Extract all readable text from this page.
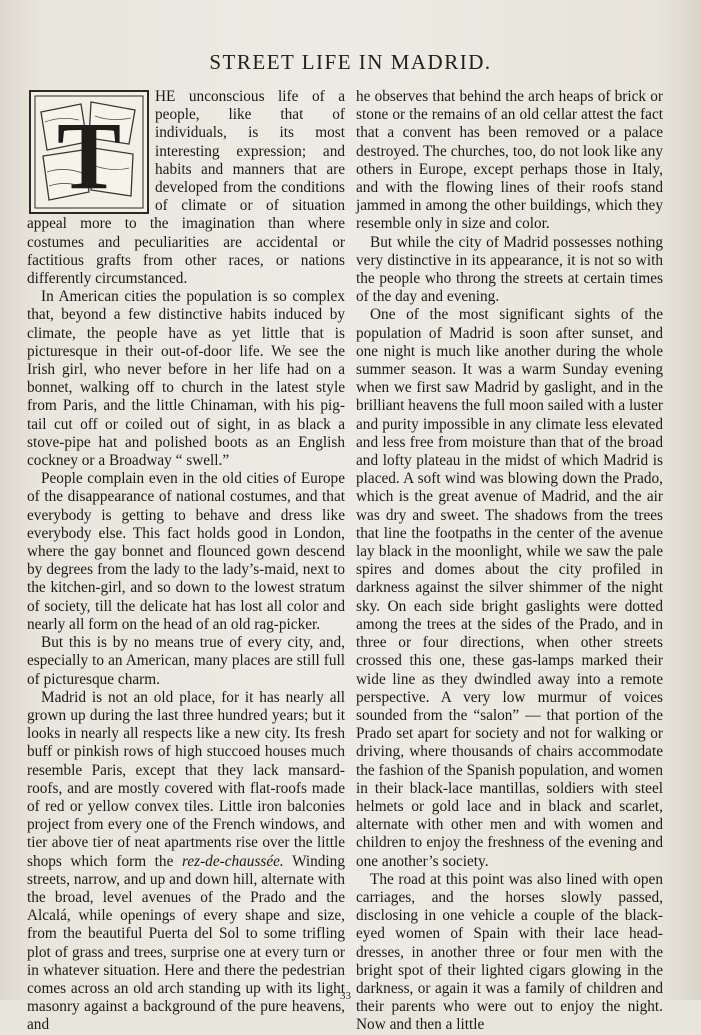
STREET LIFE IN MADRID.

T
HE unconscious life of a people, like that of individuals, is its most interesting expression; and habits and manners that are developed from the conditions of climate or of situation appeal more to the imagination than where costumes and peculiarities are accidental or factitious grafts from other races, or nations differently circumstanced.

In American cities the population is so complex that, beyond a few distinctive habits induced by climate, the people have as yet little that is picturesque in their out-of-door life. We see the Irish girl, who never before in her life had on a bonnet, walking off to church in the latest style from Paris, and the little Chinaman, with his pig-tail cut off or coiled out of sight, in as black a stove-pipe hat and polished boots as an English cockney or a Broadway “ swell.”

People complain even in the old cities of Europe of the disappearance of national costumes, and that everybody is getting to behave and dress like everybody else. This fact holds good in London, where the gay bonnet and flounced gown descend by degrees from the lady to the lady’s-maid, next to the kitchen-girl, and so down to the lowest stratum of society, till the delicate hat has lost all color and nearly all form on the head of an old rag-picker.

But this is by no means true of every city, and, especially to an American, many places are still full of picturesque charm.

Madrid is not an old place, for it has nearly all grown up during the last three hundred years; but it looks in nearly all respects like a new city. Its fresh buff or pinkish rows of high stuccoed houses much resemble Paris, except that they lack mansard-roofs, and are mostly covered with flat-roofs made of red or yellow convex tiles. Little iron balconies project from every one of the French windows, and tier above tier of neat apartments rise over the little shops which form the rez-de-chaussée. Winding streets, narrow, and up and down hill, alternate with the broad, level avenues of the Prado and the Alcalá, while openings of every shape and size, from the beautiful Puerta del Sol to some trifling plot of grass and trees, surprise one at every turn or in whatever situation. Here and there the pedestrian comes across an old arch standing up with its light masonry against a background of the pure heavens, and

he observes that behind the arch heaps of brick or stone or the remains of an old cellar attest the fact that a convent has been removed or a palace destroyed. The churches, too, do not look like any others in Europe, except perhaps those in Italy, and with the flowing lines of their roofs stand jammed in among the other buildings, which they resemble only in size and color.

But while the city of Madrid possesses nothing very distinctive in its appearance, it is not so with the people who throng the streets at certain times of the day and evening.

One of the most significant sights of the population of Madrid is soon after sunset, and one night is much like another during the whole summer season. It was a warm Sunday evening when we first saw Madrid by gaslight, and in the brilliant heavens the full moon sailed with a luster and purity impossible in any climate less elevated and less free from moisture than that of the broad and lofty plateau in the midst of which Madrid is placed. A soft wind was blowing down the Prado, which is the great avenue of Madrid, and the air was dry and sweet. The shadows from the trees that line the footpaths in the center of the avenue lay black in the moonlight, while we saw the pale spires and domes about the city profiled in darkness against the silver shimmer of the night sky. On each side bright gaslights were dotted among the trees at the sides of the Prado, and in three or four directions, when other streets crossed this one, these gas-lamps marked their wide line as they dwindled away into a remote perspective. A very low murmur of voices sounded from the “salon” — that portion of the Prado set apart for society and not for walking or driving, where thousands of chairs accommodate the fashion of the Spanish population, and women in their black-lace mantillas, soldiers with steel helmets or gold lace and in black and scarlet, alternate with other men and with women and children to enjoy the freshness of the evening and one another’s society.

The road at this point was also lined with open carriages, and the horses slowly passed, disclosing in one vehicle a couple of the black-eyed women of Spain with their lace head-dresses, in another three or four men with the bright spot of their lighted cigars glowing in the darkness, or again it was a family of children and their parents who were out to enjoy the night. Now and then a little

33
